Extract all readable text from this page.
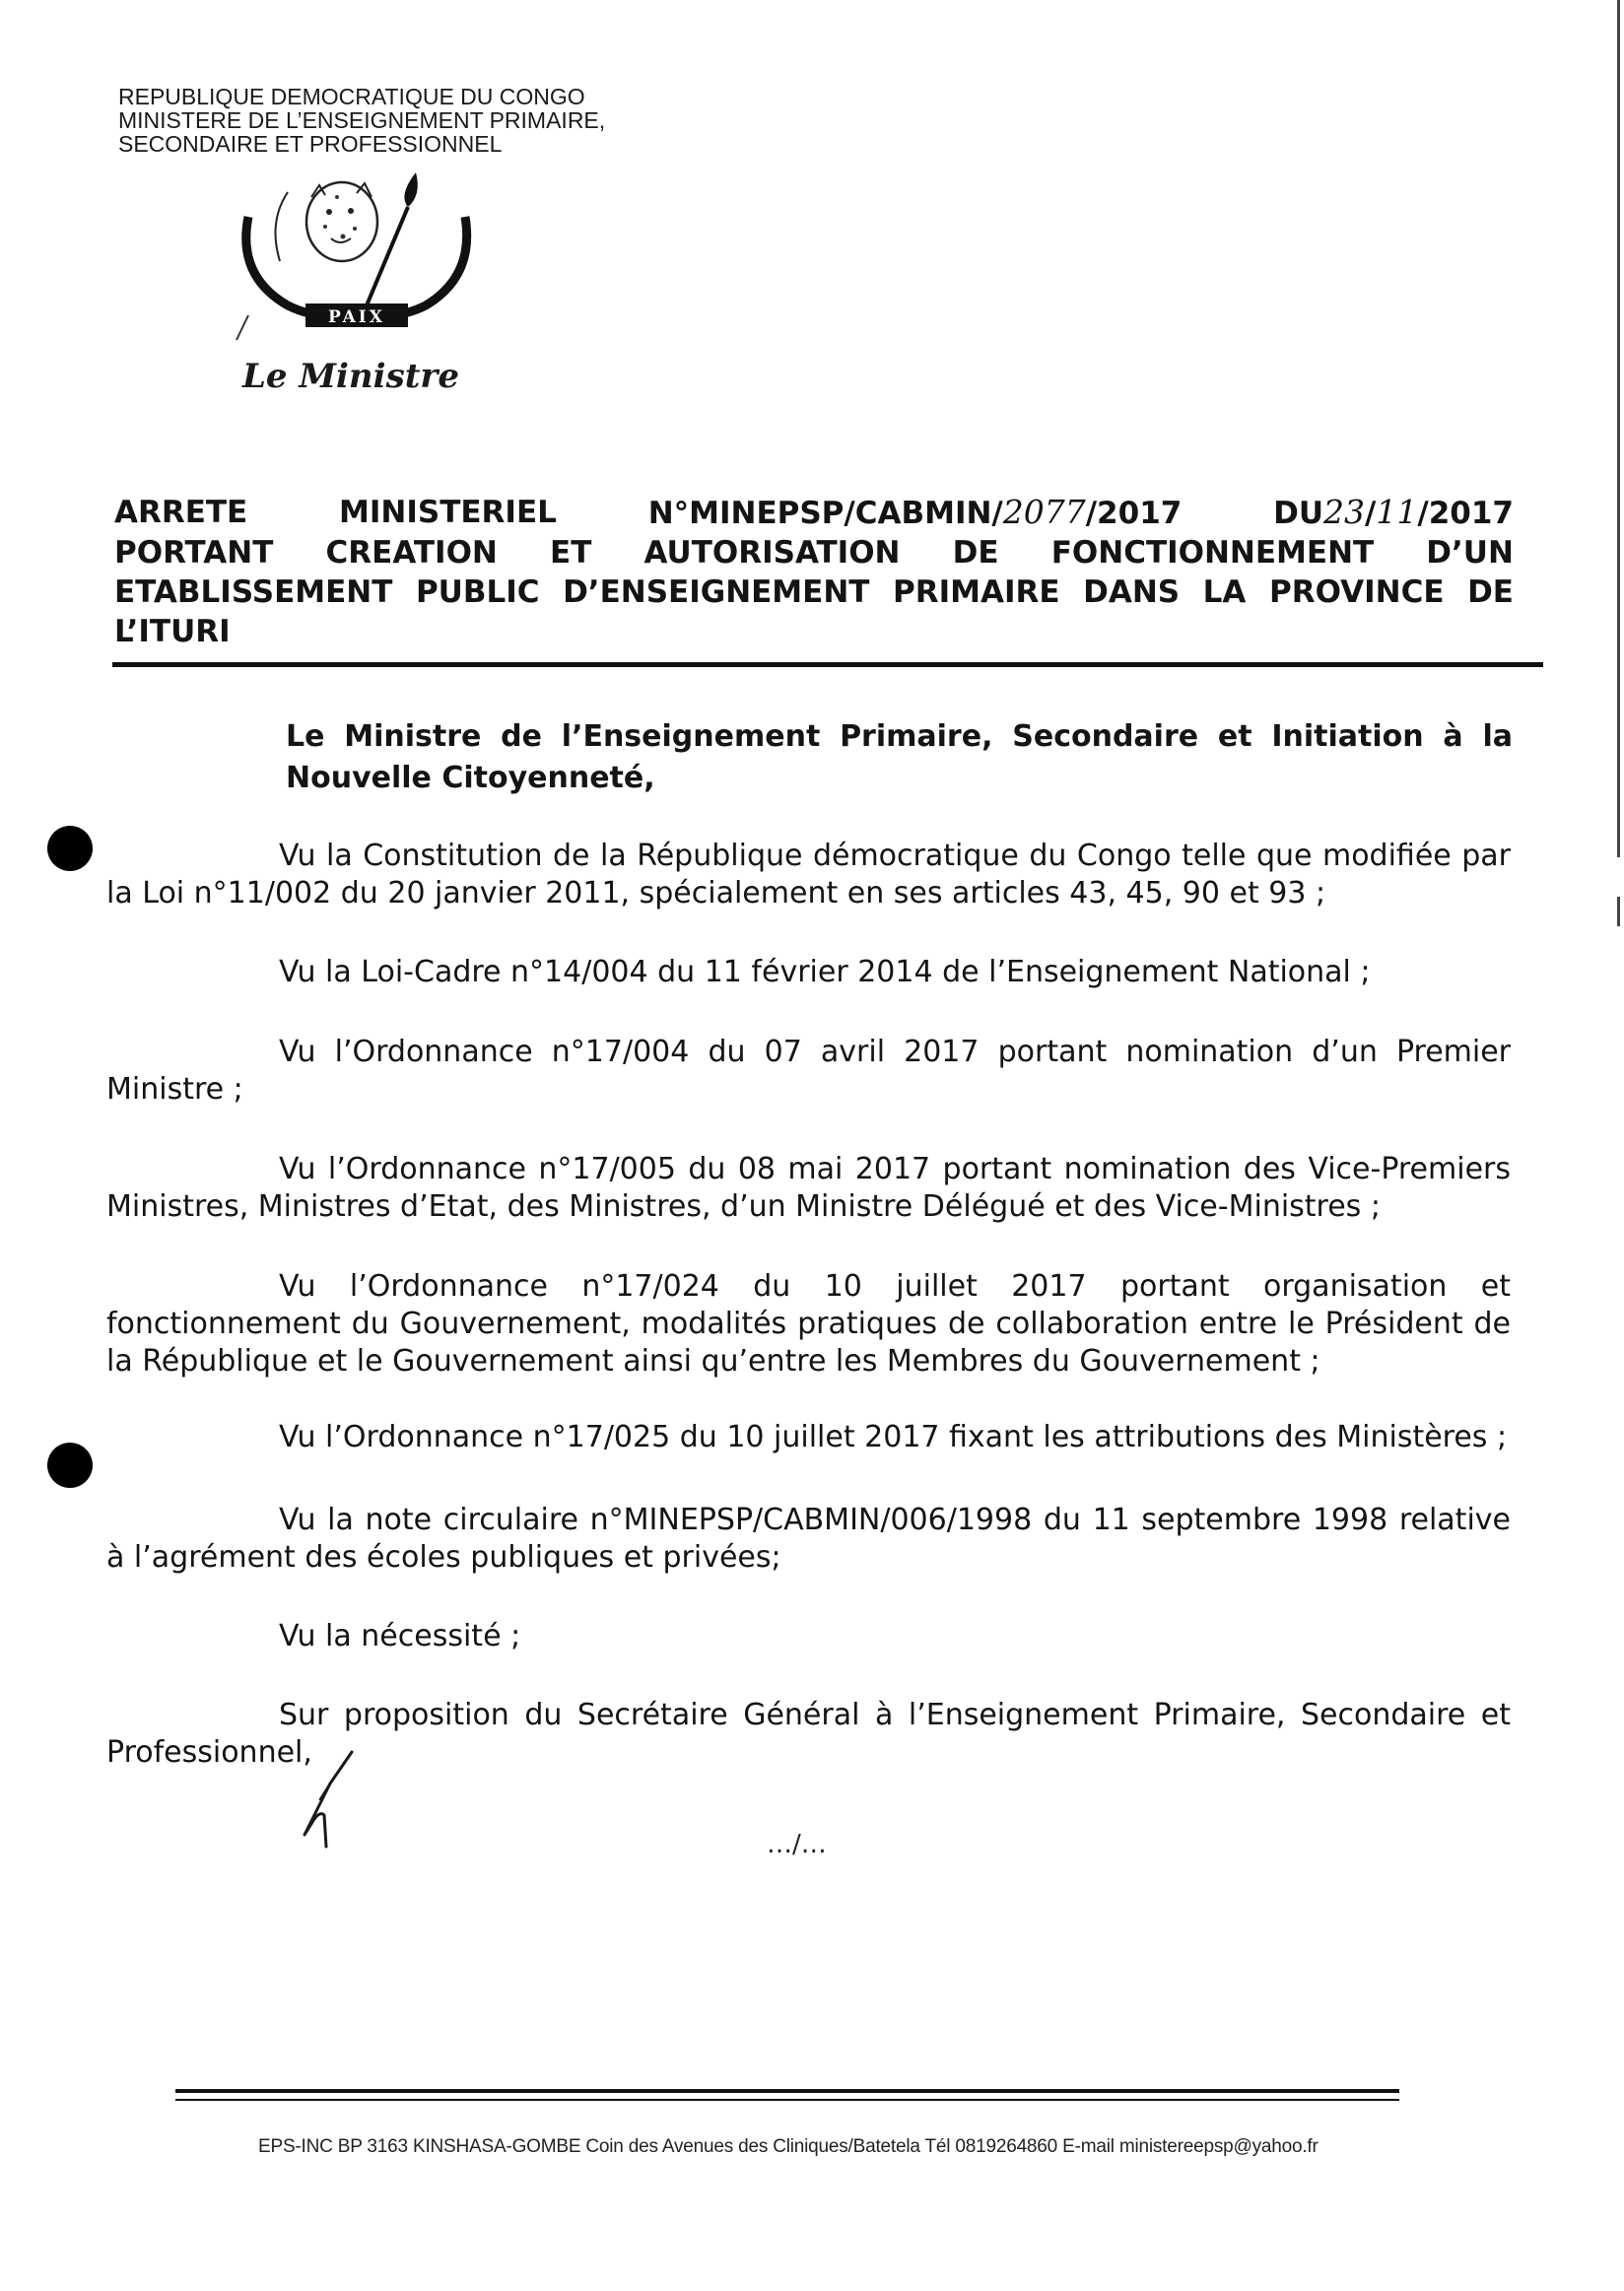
REPUBLIQUE DEMOCRATIQUE DU CONGO
MINISTERE DE L’ENSEIGNEMENT PRIMAIRE,
SECONDAIRE ET PROFESSIONNEL
PAIX
Le Ministre
ARRETE	MINISTERIEL	N°MINEPSP/CABMIN/2077/2017	DU23/11/2017
PORTANT CREATION ET AUTORISATION DE FONCTIONNEMENT D’UN
ETABLISSEMENT PUBLIC D’ENSEIGNEMENT PRIMAIRE DANS LA PROVINCE DE
L’ITURI
Le Ministre de l’Enseignement Primaire, Secondaire et Initiation à la Nouvelle Citoyenneté,

Vu la Constitution de la République démocratique du Congo telle que modifiée par la Loi n°11/002 du 20 janvier 2011, spécialement en ses articles 43, 45, 90 et 93 ;

Vu la Loi-Cadre n°14/004 du 11 février 2014 de l’Enseignement National ;

Vu l’Ordonnance n°17/004 du 07 avril 2017 portant nomination d’un Premier Ministre ;

Vu l’Ordonnance n°17/005 du 08 mai 2017 portant nomination des Vice-Premiers Ministres, Ministres d’Etat, des Ministres, d’un Ministre Délégué et des Vice-Ministres ;

Vu l’Ordonnance n°17/024 du 10 juillet 2017 portant organisation et fonctionnement du Gouvernement, modalités pratiques de collaboration entre le Président de la République et le Gouvernement ainsi qu’entre les Membres du Gouvernement ;

Vu l’Ordonnance n°17/025 du 10 juillet 2017 fixant les attributions des Ministères ;

Vu la note circulaire n°MINEPSP/CABMIN/006/1998 du 11 septembre 1998 relative à l’agrément des écoles publiques et privées;

Vu la nécessité ;

Sur proposition du Secrétaire Général à l’Enseignement Primaire, Secondaire et Professionnel,

…/…
EPS-INC BP 3163 KINSHASA-GOMBE Coin des Avenues des Cliniques/Batetela Tél 0819264860 E-mail ministereepsp@yahoo.fr
